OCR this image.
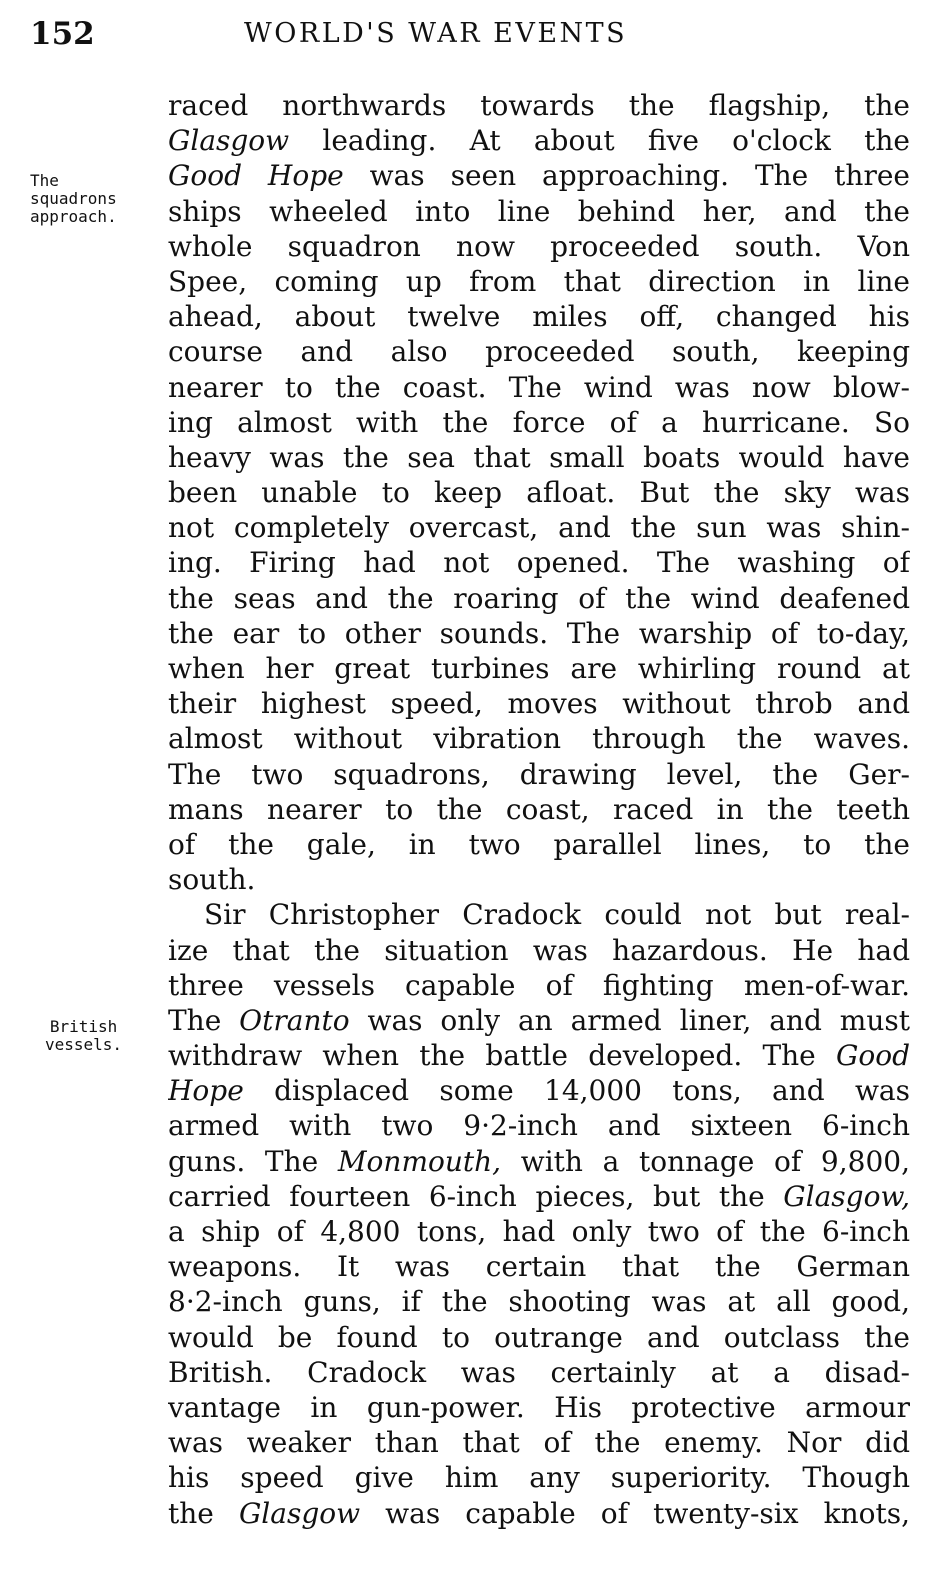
152	WORLD'S WAR EVENTS
The
squadrons
approach.
British
vessels.
raced northwards towards the flagship, the
Glasgow leading. At about five o'clock the
Good Hope was seen approaching. The three
ships wheeled into line behind her, and the
whole squadron now proceeded south. Von
Spee, coming up from that direction in line
ahead, about twelve miles off, changed his
course and also proceeded south, keeping
nearer to the coast. The wind was now blow-
ing almost with the force of a hurricane. So
heavy was the sea that small boats would have
been unable to keep afloat. But the sky was
not completely overcast, and the sun was shin-
ing. Firing had not opened. The washing of
the seas and the roaring of the wind deafened
the ear to other sounds. The warship of to-day,
when her great turbines are whirling round at
their highest speed, moves without throb and
almost without vibration through the waves.
The two squadrons, drawing level, the Ger-
mans nearer to the coast, raced in the teeth
of the gale, in two parallel lines, to the
south.
Sir Christopher Cradock could not but real-
ize that the situation was hazardous. He had
three vessels capable of fighting men-of-war.
The Otranto was only an armed liner, and must
withdraw when the battle developed. The Good
Hope displaced some 14,000 tons, and was
armed with two 9·2-inch and sixteen 6-inch
guns. The Monmouth, with a tonnage of 9,800,
carried fourteen 6-inch pieces, but the Glasgow,
a ship of 4,800 tons, had only two of the 6-inch
weapons. It was certain that the German
8·2-inch guns, if the shooting was at all good,
would be found to outrange and outclass the
British. Cradock was certainly at a disad-
vantage in gun-power. His protective armour
was weaker than that of the enemy. Nor did
his speed give him any superiority. Though
the Glasgow was capable of twenty-six knots,
